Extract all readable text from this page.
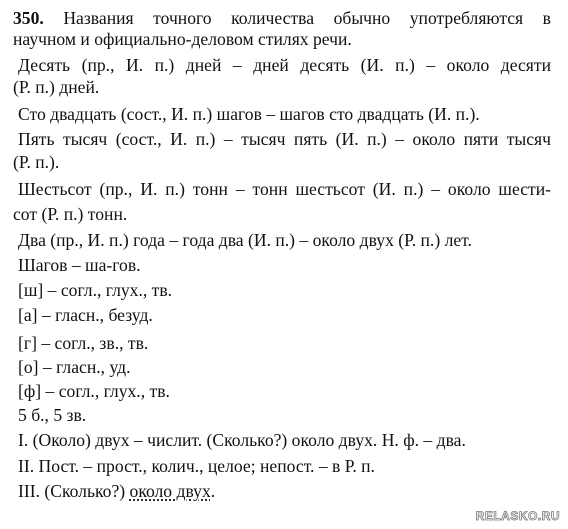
350. Названия точного количества обычно употребляются в
научном и официально-деловом стилях речи.
Десять (пр., И. п.) дней – дней десять (И. п.) – около десяти
(Р. п.) дней.
Сто двадцать (сост., И. п.) шагов – шагов сто двадцать (И. п.).
Пять тысяч (сост., И. п.) – тысяч пять (И. п.) – около пяти тысяч
(Р. п.).
Шестьсот (пр., И. п.) тонн – тонн шестьсот (И. п.) – около шести-
сот (Р. п.) тонн.
Два (пр., И. п.) года – года два (И. п.) – около двух (Р. п.) лет.
Шагов – ша-гов.
[ш] – согл., глух., тв.
[а] – гласн., безуд.
[г] – согл., зв., тв.
[о] – гласн., уд.
[ф] – согл., глух., тв.
5 б., 5 зв.
I. (Около) двух – числит. (Сколько?) около двух. Н. ф. – два.
II. Пост. – прост., колич., целое; непост. – в Р. п.
III. (Сколько?) около двух.
RELASKO.RU
